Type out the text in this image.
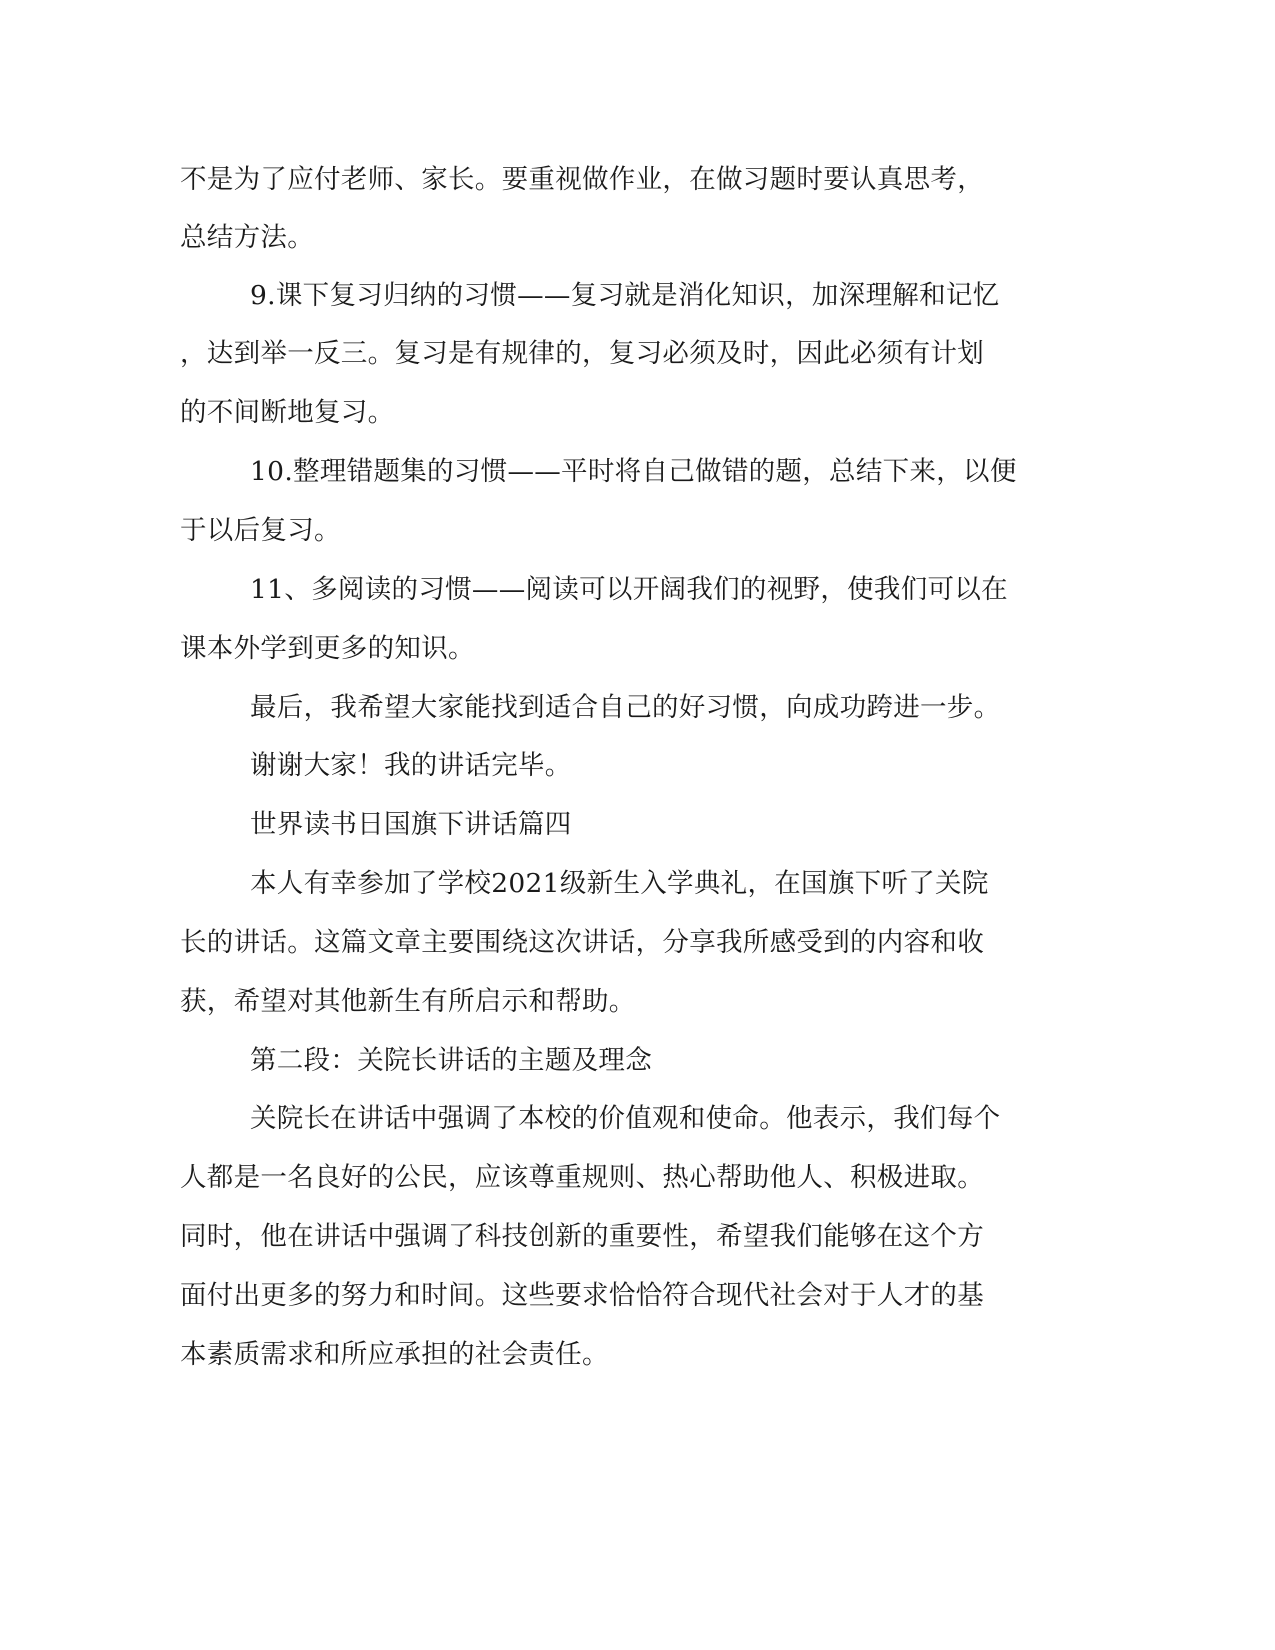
不是为了应付老师、家长。要重视做作业，在做习题时要认真思考，
总结方法。
9.课下复习归纳的习惯——复习就是消化知识，加深理解和记忆
，达到举一反三。复习是有规律的，复习必须及时，因此必须有计划
的不间断地复习。
10.整理错题集的习惯——平时将自己做错的题，总结下来，以便
于以后复习。
11、多阅读的习惯——阅读可以开阔我们的视野，使我们可以在
课本外学到更多的知识。
最后，我希望大家能找到适合自己的好习惯，向成功跨进一步。
谢谢大家！我的讲话完毕。
世界读书日国旗下讲话篇四
本人有幸参加了学校2021级新生入学典礼，在国旗下听了关院
长的讲话。这篇文章主要围绕这次讲话，分享我所感受到的内容和收
获，希望对其他新生有所启示和帮助。
第二段：关院长讲话的主题及理念
关院长在讲话中强调了本校的价值观和使命。他表示，我们每个
人都是一名良好的公民，应该尊重规则、热心帮助他人、积极进取。
同时，他在讲话中强调了科技创新的重要性，希望我们能够在这个方
面付出更多的努力和时间。这些要求恰恰符合现代社会对于人才的基
本素质需求和所应承担的社会责任。
